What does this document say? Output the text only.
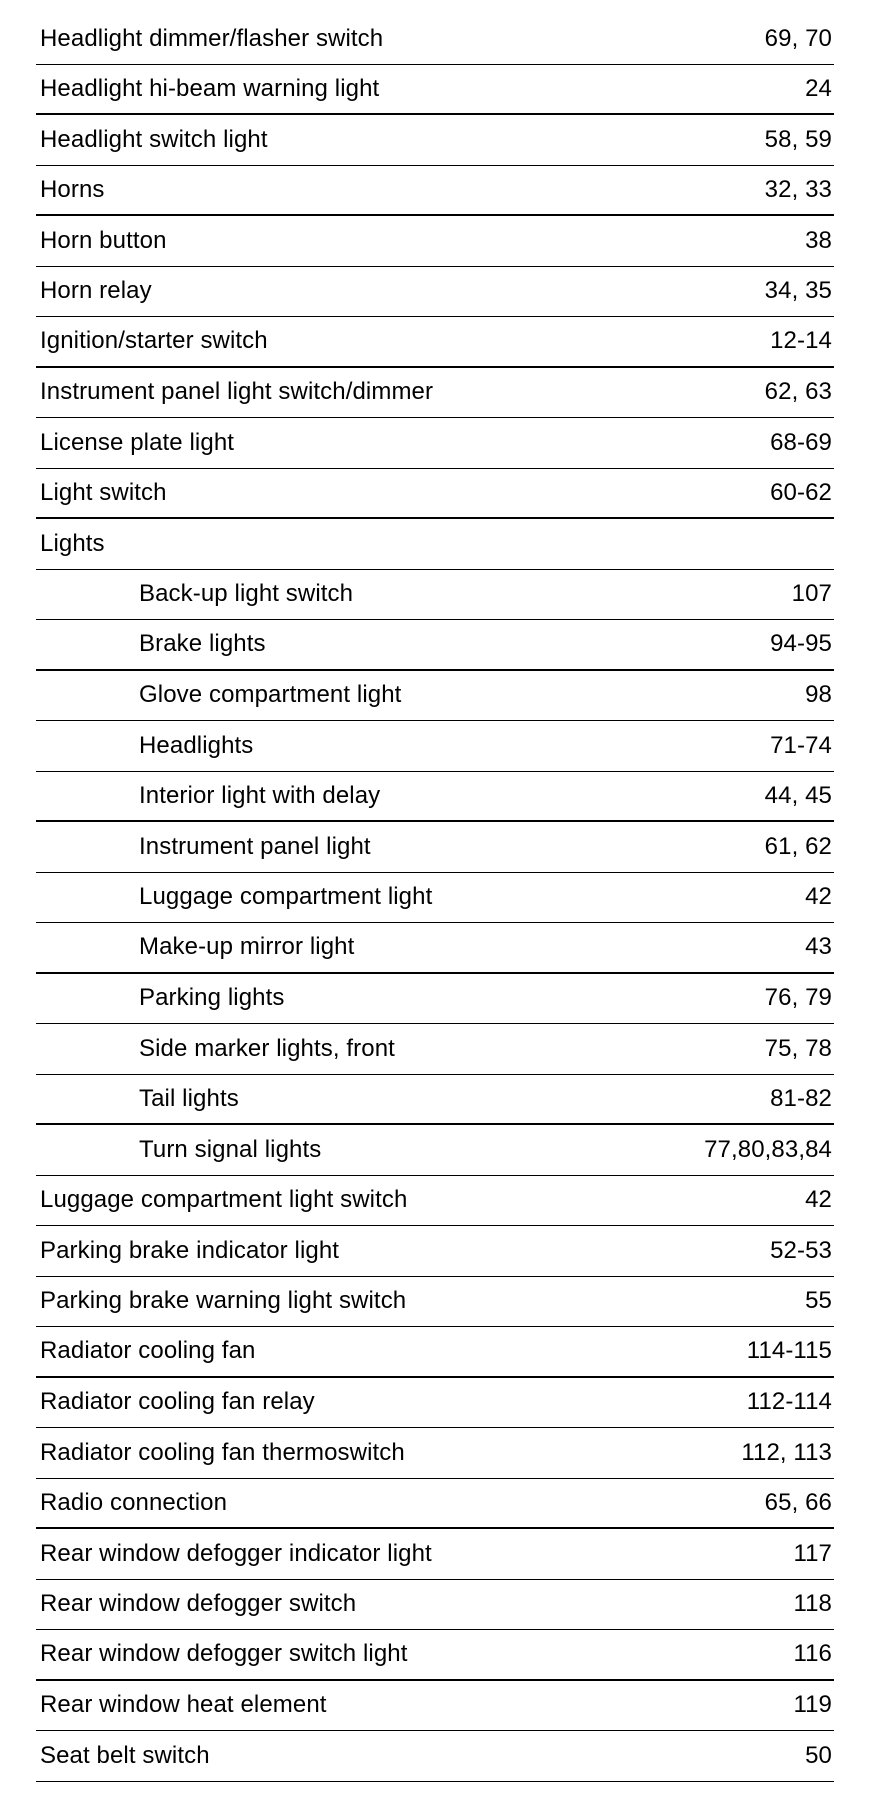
Headlight dimmer/flasher switch	69, 70
Headlight hi-beam warning light	24
Headlight switch light	58, 59
Horns	32, 33
Horn button	38
Horn relay	34, 35
Ignition/starter switch	12-14
Instrument panel light switch/dimmer	62, 63
License plate light	68-69
Light switch	60-62
Lights
Back-up light switch	107
Brake lights	94-95
Glove compartment light	98
Headlights	71-74
Interior light with delay	44, 45
Instrument panel light	61, 62
Luggage compartment light	42
Make-up mirror light	43
Parking lights	76, 79
Side marker lights, front	75, 78
Tail lights	81-82
Turn signal lights	77,80,83,84
Luggage compartment light switch	42
Parking brake indicator light	52-53
Parking brake warning light switch	55
Radiator cooling fan	114-115
Radiator cooling fan relay	112-114
Radiator cooling fan thermoswitch	112, 113
Radio connection	65, 66
Rear window defogger indicator light	117
Rear window defogger switch	118
Rear window defogger switch light	116
Rear window heat element	119
Seat belt switch	50
